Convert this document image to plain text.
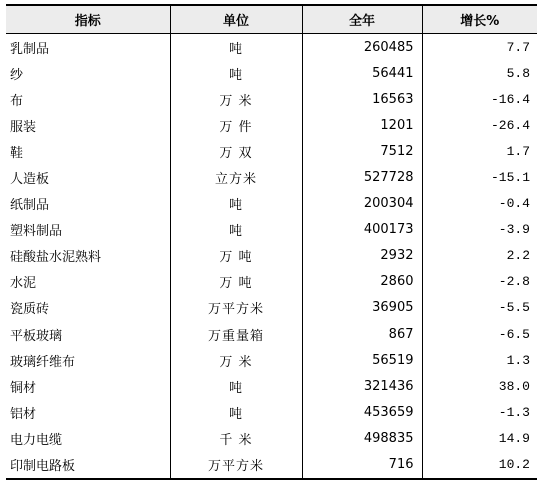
指标	单位	全年	增长%
乳制品	吨	260485	7.7
纱	吨	56441	5.8
布	万 米	16563	-16.4
服装	万 件	1201	-26.4
鞋	万 双	7512	1.7
人造板	立方米	527728	-15.1
纸制品	吨	200304	-0.4
塑料制品	吨	400173	-3.9
硅酸盐水泥熟料	万 吨	2932	2.2
水泥	万 吨	2860	-2.8
瓷质砖	万平方米	36905	-5.5
平板玻璃	万重量箱	867	-6.5
玻璃纤维布	万 米	56519	1.3
铜材	吨	321436	38.0
铝材	吨	453659	-1.3
电力电缆	千 米	498835	14.9
印制电路板	万平方米	716	10.2
